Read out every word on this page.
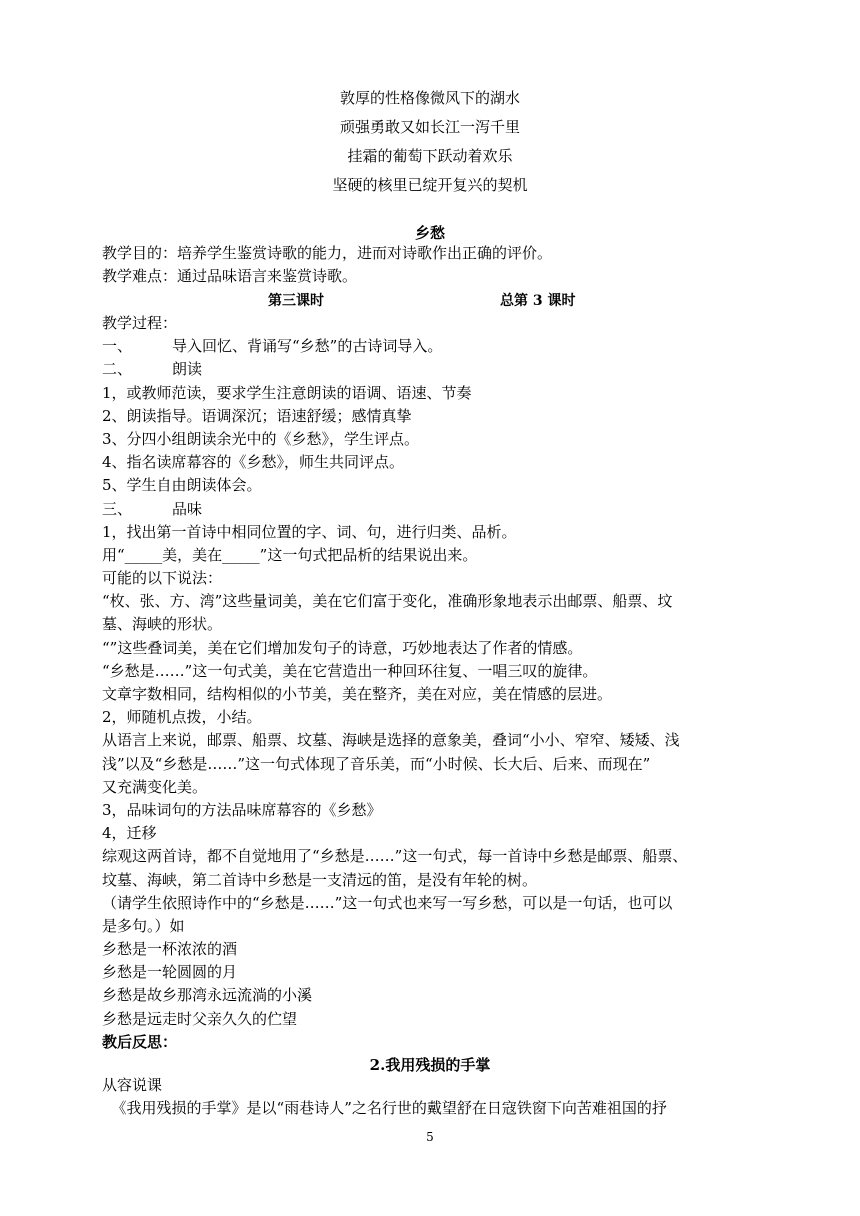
敦厚的性格像微风下的湖水
顽强勇敢又如长江一泻千里
挂霜的葡萄下跃动着欢乐
坚硬的核里已绽开复兴的契机
乡愁
教学目的：培养学生鉴赏诗歌的能力，进而对诗歌作出正确的评价。
教学难点：通过品味语言来鉴赏诗歌。
第三课时	总第 3 课时
教学过程：
一、	导入回忆、背诵写“乡愁”的古诗词导入。
二、	朗读
1，或教师范读，要求学生注意朗读的语调、语速、节奏
2、朗读指导。语调深沉；语速舒缓；感情真挚
3、分四小组朗读余光中的《乡愁》，学生评点。
4、指名读席幕容的《乡愁》，师生共同评点。
5、学生自由朗读体会。
三、	品味
1，找出第一首诗中相同位置的字、词、句，进行归类、品析。
用“_____美，美在_____”这一句式把品析的结果说出来。
可能的以下说法：
“枚、张、方、湾”这些量词美，美在它们富于变化，准确形象地表示出邮票、船票、坟
墓、海峡的形状。
“”这些叠词美，美在它们增加发句子的诗意，巧妙地表达了作者的情感。
“乡愁是……”这一句式美，美在它营造出一种回环往复、一唱三叹的旋律。
文章字数相同，结构相似的小节美，美在整齐，美在对应，美在情感的层进。
2，师随机点拨，小结。
从语言上来说，邮票、船票、坟墓、海峡是选择的意象美，叠词“小小、窄窄、矮矮、浅
浅”以及“乡愁是……”这一句式体现了音乐美，而“小时候、长大后、后来、而现在”
又充满变化美。
3，品味词句的方法品味席幕容的《乡愁》
4，迁移
综观这两首诗，都不自觉地用了“乡愁是……”这一句式，每一首诗中乡愁是邮票、船票、
坟墓、海峡，第二首诗中乡愁是一支清远的笛，是没有年轮的树。
（请学生依照诗作中的“乡愁是……”这一句式也来写一写乡愁，可以是一句话，也可以
是多句。）如
乡愁是一杯浓浓的酒
乡愁是一轮圆圆的月
乡愁是故乡那湾永远流淌的小溪
乡愁是远走时父亲久久的伫望
教后反思：
2.我用残损的手掌
从容说课
《我用残损的手掌》是以“雨巷诗人”之名行世的戴望舒在日寇铁窗下向苦难祖国的抒
5
